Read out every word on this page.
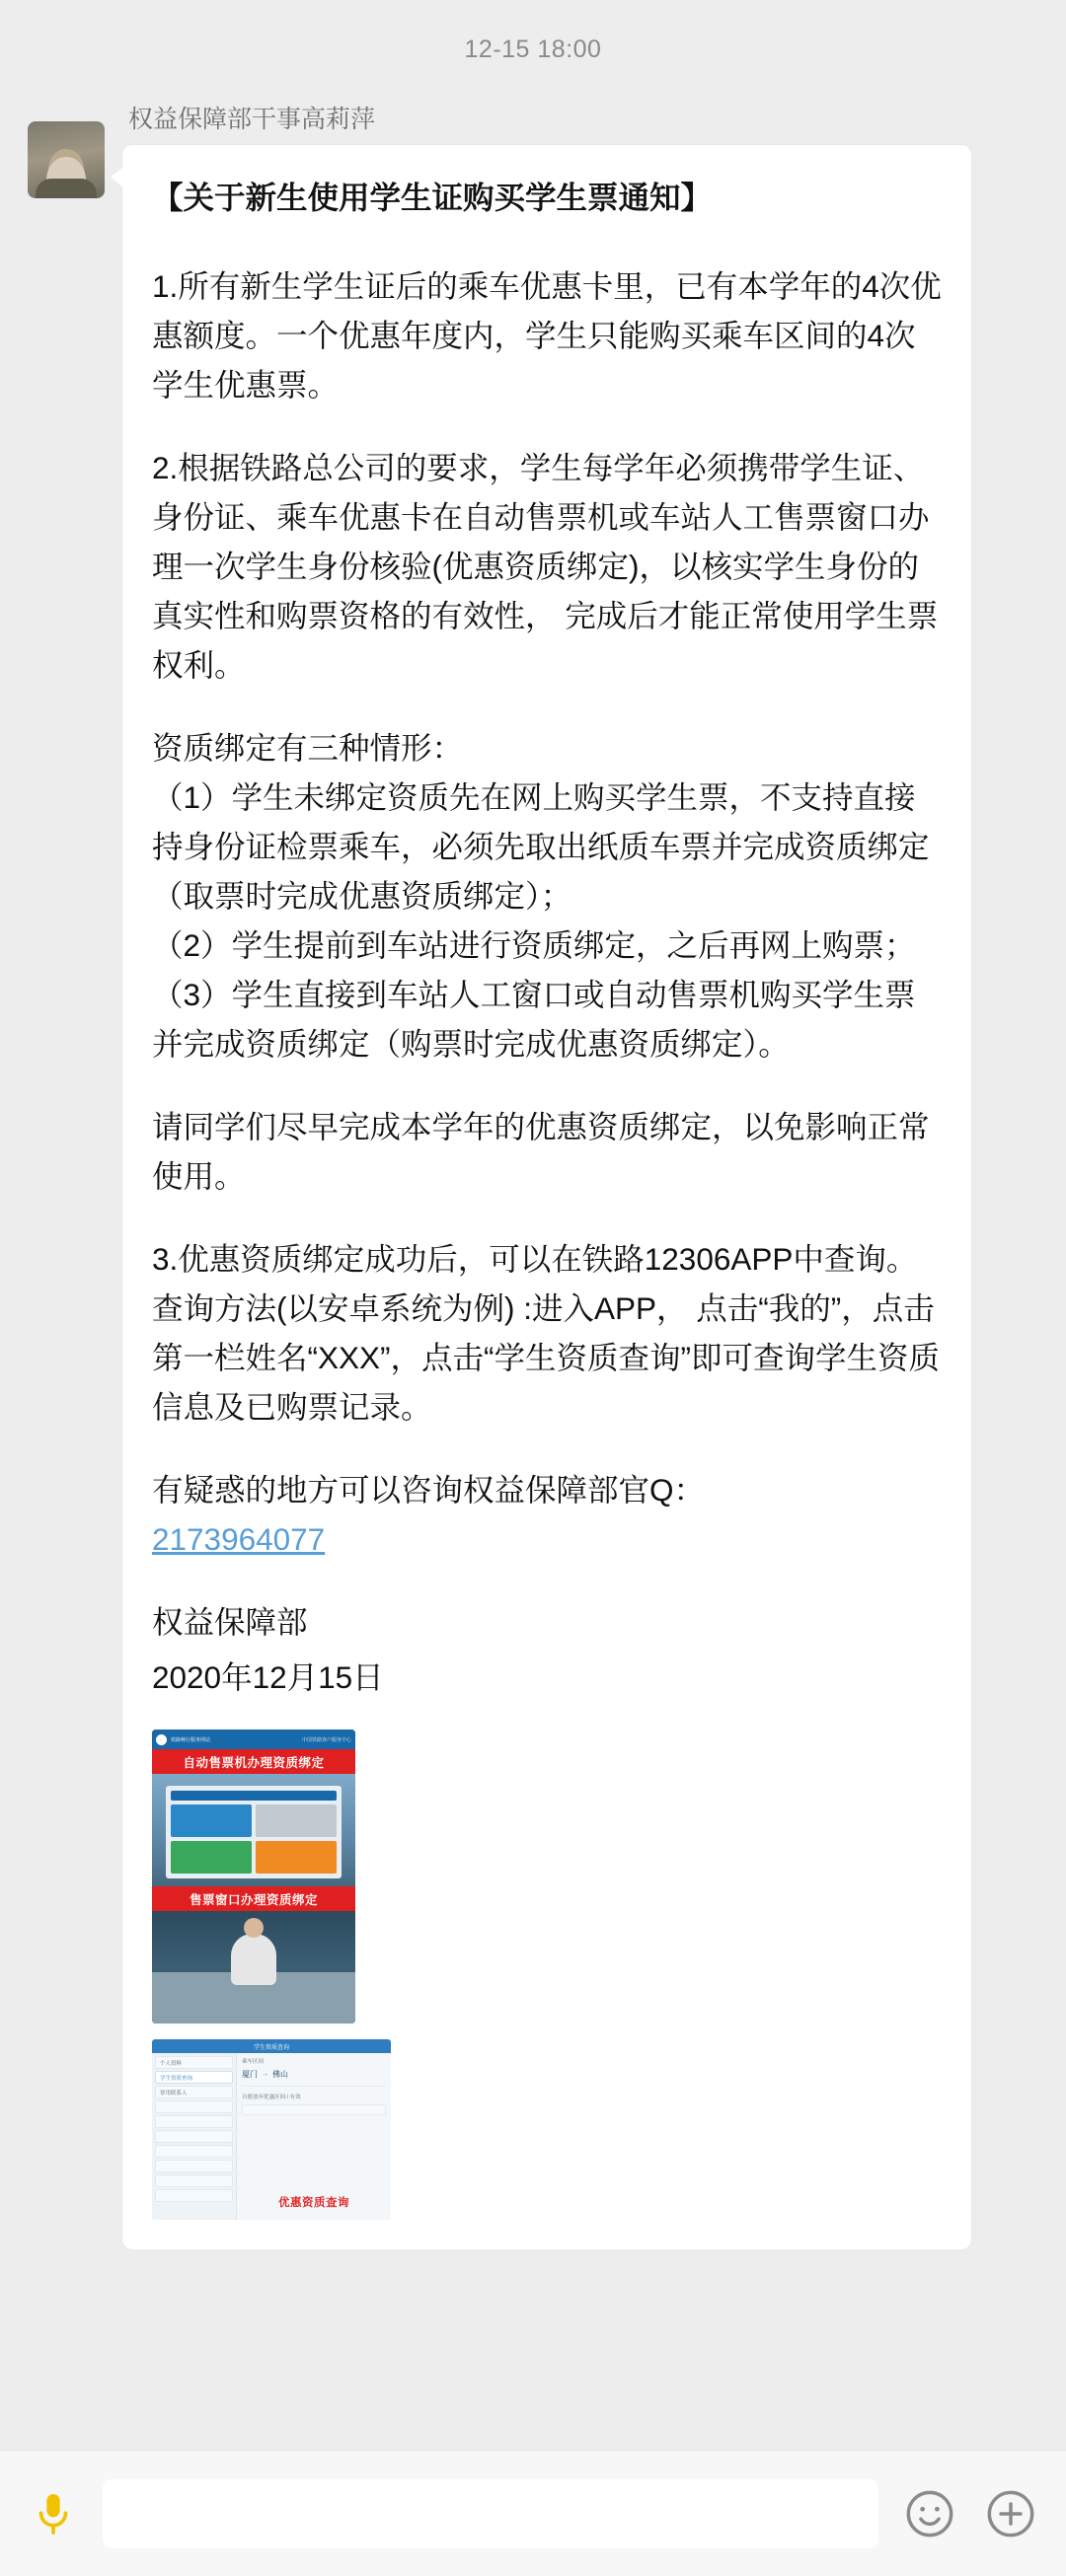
12-15 18:00
权益保障部干事高莉萍

【关于新生使用学生证购买学生票通知】

1.所有新生学生证后的乘车优惠卡里，已有本学年的4次优惠额度。一个优惠年度内，学生只能购买乘车区间的4次学生优惠票。

2.根据铁路总公司的要求，学生每学年必须携带学生证、身份证、乘车优惠卡在自动售票机或车站人工售票窗口办理一次学生身份核验(优惠资质绑定)，以核实学生身份的真实性和购票资格的有效性， 完成后才能正常使用学生票权利。

资质绑定有三种情形：

（1）学生未绑定资质先在网上购买学生票，不支持直接持身份证检票乘车，必须先取出纸质车票并完成资质绑定（取票时完成优惠资质绑定）；

（2）学生提前到车站进行资质绑定，之后再网上购票；

（3）学生直接到车站人工窗口或自动售票机购买学生票并完成资质绑定（购票时完成优惠资质绑定）。

请同学们尽早完成本学年的优惠资质绑定，以免影响正常使用。

3.优惠资质绑定成功后，可以在铁路12306APP中查询。查询方法(以安卓系统为例) :进入APP， 点击“我的”，点击第一栏姓名“XXX”，点击“学生资质查询”即可查询学生资质信息及已购票记录。

有疑惑的地方可以咨询权益保障部官Q：

2173964077

权益保障部

2020年12月15日

铁路畅行服务网站	中国铁路客户服务中心
自动售票机办理资质绑定
售票窗口办理资质绑定
学生资质查询
个人资料
学生资质查询
常用联系人
乘车区间
厦门 → 佛山
自愿放弃优惠区间 / 有效
优惠资质查询
